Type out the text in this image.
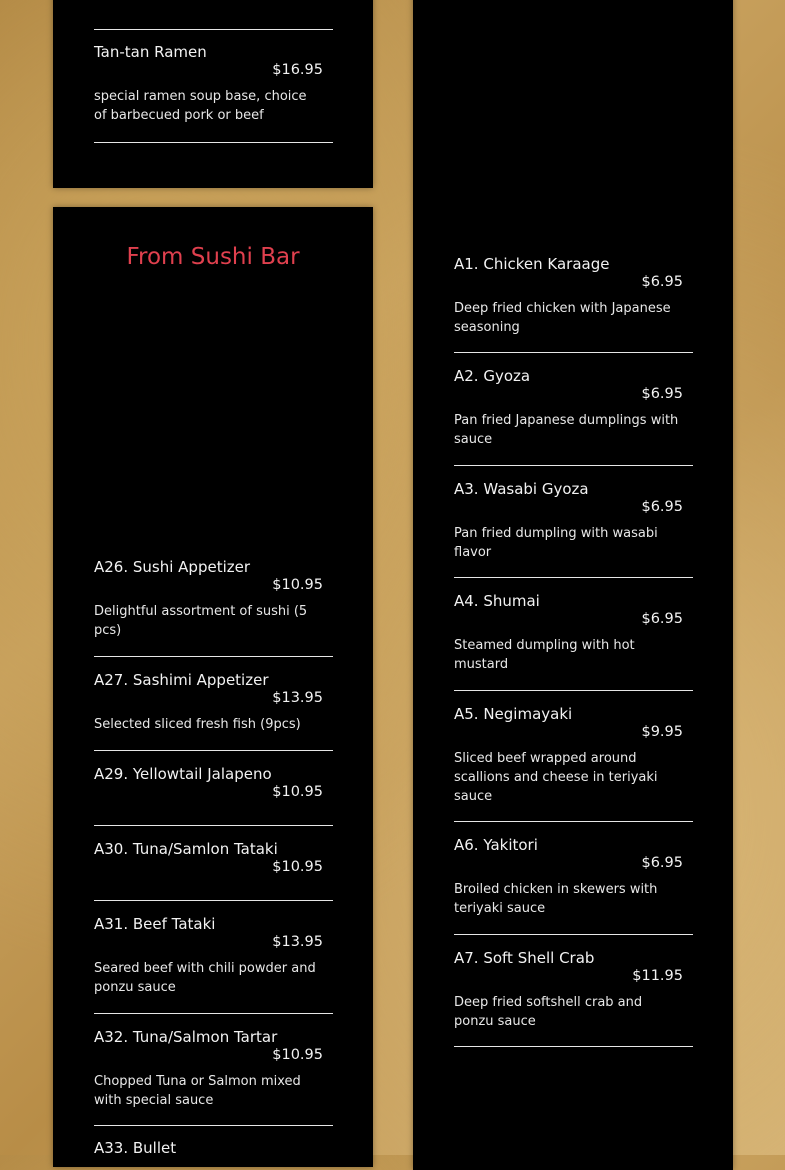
Tan-tan Ramen
$16.95
special ramen soup base, choice of barbecued pork or beef
From Sushi Bar
A26. Sushi Appetizer
$10.95
Delightful assortment of sushi (5 pcs)
A27. Sashimi Appetizer
$13.95
Selected sliced fresh fish (9pcs)
A29. Yellowtail Jalapeno
$10.95
A30. Tuna/Samlon Tataki
$10.95
A31. Beef Tataki
$13.95
Seared beef with chili powder and ponzu sauce
A32. Tuna/Salmon Tartar
$10.95
Chopped Tuna or Salmon mixed with special sauce
A33. Bullet
A1. Chicken Karaage
$6.95
Deep fried chicken with Japanese seasoning
A2. Gyoza
$6.95
Pan fried Japanese dumplings with sauce
A3. Wasabi Gyoza
$6.95
Pan fried dumpling with wasabi flavor
A4. Shumai
$6.95
Steamed dumpling with hot mustard
A5. Negimayaki
$9.95
Sliced beef wrapped around scallions and cheese in teriyaki sauce
A6. Yakitori
$6.95
Broiled chicken in skewers with teriyaki sauce
A7. Soft Shell Crab
$11.95
Deep fried softshell crab and ponzu sauce
